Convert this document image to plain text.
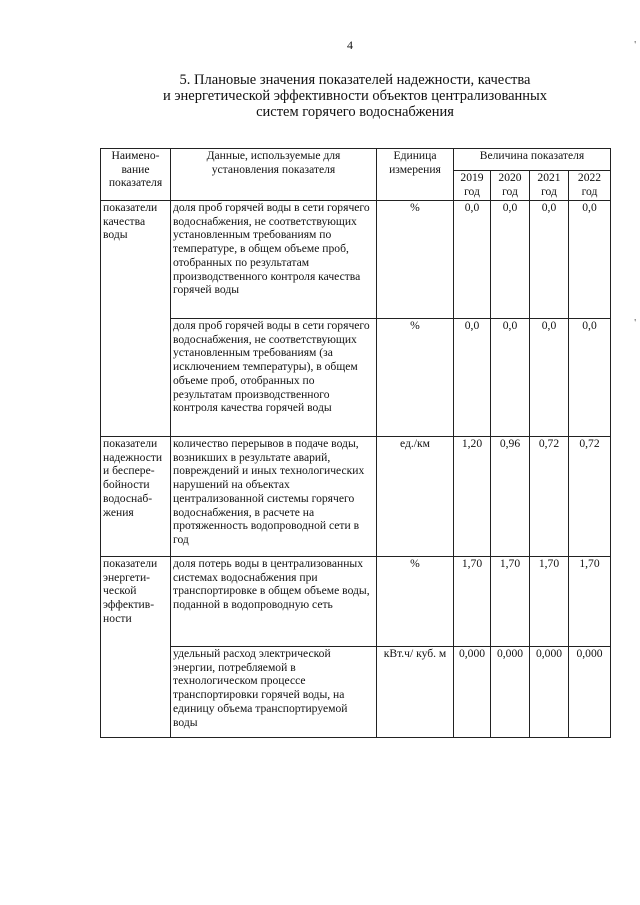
4
5. Плановые значения показателей надежности, качества
и энергетической эффективности объектов централизованных
систем горячего водоснабжения
Наимено-вание показателя	Данные, используемые для установления показателя	Единица измерения	Величина показателя			
			2019 год	2020 год	2021 год	2022 год
показатели качества воды	доля проб горячей воды в сети горячего водоснабжения, не соответствующих установленным требованиям по температуре, в общем объеме проб, отобранных по результатам производственного контроля качества горячей воды	%	0,0	0,0	0,0	0,0
	доля проб горячей воды в сети горячего водоснабжения, не соответствующих установленным требованиям (за исключением температуры), в общем объеме проб, отобранных по результатам производственного контроля качества горячей воды	%	0,0	0,0	0,0	0,0
показатели надежности и беспере-бойности водоснаб-жения	количество перерывов в подаче воды, возникших в результате аварий, повреждений и иных технологических нарушений на объектах централизованной системы горячего водоснабжения, в расчете на протяженность водопроводной сети в год	ед./км	1,20	0,96	0,72	0,72
показатели энергети-ческой эффектив-ности	доля потерь воды в централизованных системах водоснабжения при транспортировке в общем объеме воды, поданной в водопроводную сеть	%	1,70	1,70	1,70	1,70
	удельный расход электрической энергии, потребляемой в технологическом процессе транспортировки горячей воды, на единицу объема транспортируемой воды	кВт.ч/ куб. м	0,000	0,000	0,000	0,000
'
'
